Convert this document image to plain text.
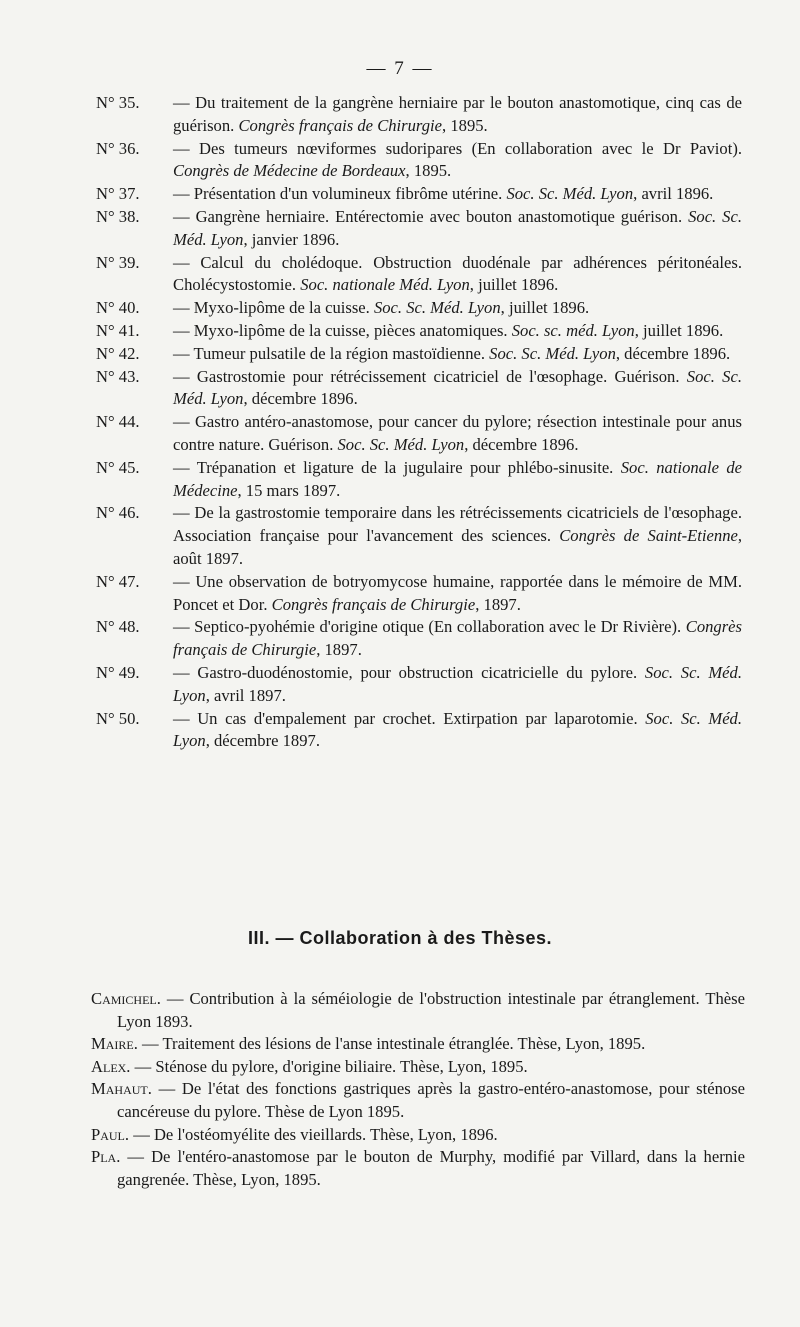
— 7 —
N° 35. — Du traitement de la gangrène herniaire par le bouton anastomotique, cinq cas de guérison. Congrès français de Chirurgie, 1895.
N° 36. — Des tumeurs nœviformes sudoripares (En collaboration avec le Dr Paviot). Congrès de Médecine de Bordeaux, 1895.
N° 37. — Présentation d'un volumineux fibrôme utérine. Soc. Sc. Méd. Lyon, avril 1896.
N° 38. — Gangrène herniaire. Entérectomie avec bouton anastomotique guérison. Soc. Sc. Méd. Lyon, janvier 1896.
N° 39. — Calcul du cholédoque. Obstruction duodénale par adhérences péritonéales. Cholécystostomie. Soc. nationale Méd. Lyon, juillet 1896.
N° 40. — Myxo-lipôme de la cuisse. Soc. Sc. Méd. Lyon, juillet 1896.
N° 41. — Myxo-lipôme de la cuisse, pièces anatomiques. Soc. sc. méd. Lyon, juillet 1896.
N° 42. — Tumeur pulsatile de la région mastoïdienne. Soc. Sc. Méd. Lyon, décembre 1896.
N° 43. — Gastrostomie pour rétrécissement cicatriciel de l'œsophage. Guérison. Soc. Sc. Méd. Lyon, décembre 1896.
N° 44. — Gastro antéro-anastomose, pour cancer du pylore; résection intestinale pour anus contre nature. Guérison. Soc. Sc. Méd. Lyon, décembre 1896.
N° 45. — Trépanation et ligature de la jugulaire pour phlébo-sinusite. Soc. nationale de Médecine, 15 mars 1897.
N° 46. — De la gastrostomie temporaire dans les rétrécissements cicatriciels de l'œsophage. Association française pour l'avancement des sciences. Congrès de Saint-Etienne, août 1897.
N° 47. — Une observation de botryomycose humaine, rapportée dans le mémoire de MM. Poncet et Dor. Congrès français de Chirurgie, 1897.
N° 48. — Septico-pyohémie d'origine otique (En collaboration avec le Dr Rivière). Congrès français de Chirurgie, 1897.
N° 49. — Gastro-duodénostomie, pour obstruction cicatricielle du pylore. Soc. Sc. Méd. Lyon, avril 1897.
N° 50. — Un cas d'empalement par crochet. Extirpation par laparotomie. Soc. Sc. Méd. Lyon, décembre 1897.
III. — Collaboration à des Thèses.
Camichel. — Contribution à la séméiologie de l'obstruction intestinale par étranglement. Thèse Lyon 1893.
Maire. — Traitement des lésions de l'anse intestinale étranglée. Thèse, Lyon, 1895.
Alex. — Sténose du pylore, d'origine biliaire. Thèse, Lyon, 1895.
Mahaut. — De l'état des fonctions gastriques après la gastro-entéro-anastomose, pour sténose cancéreuse du pylore. Thèse de Lyon 1895.
Paul. — De l'ostéomyélite des vieillards. Thèse, Lyon, 1896.
Pla. — De l'entéro-anastomose par le bouton de Murphy, modifié par Villard, dans la hernie gangrenée. Thèse, Lyon, 1895.
